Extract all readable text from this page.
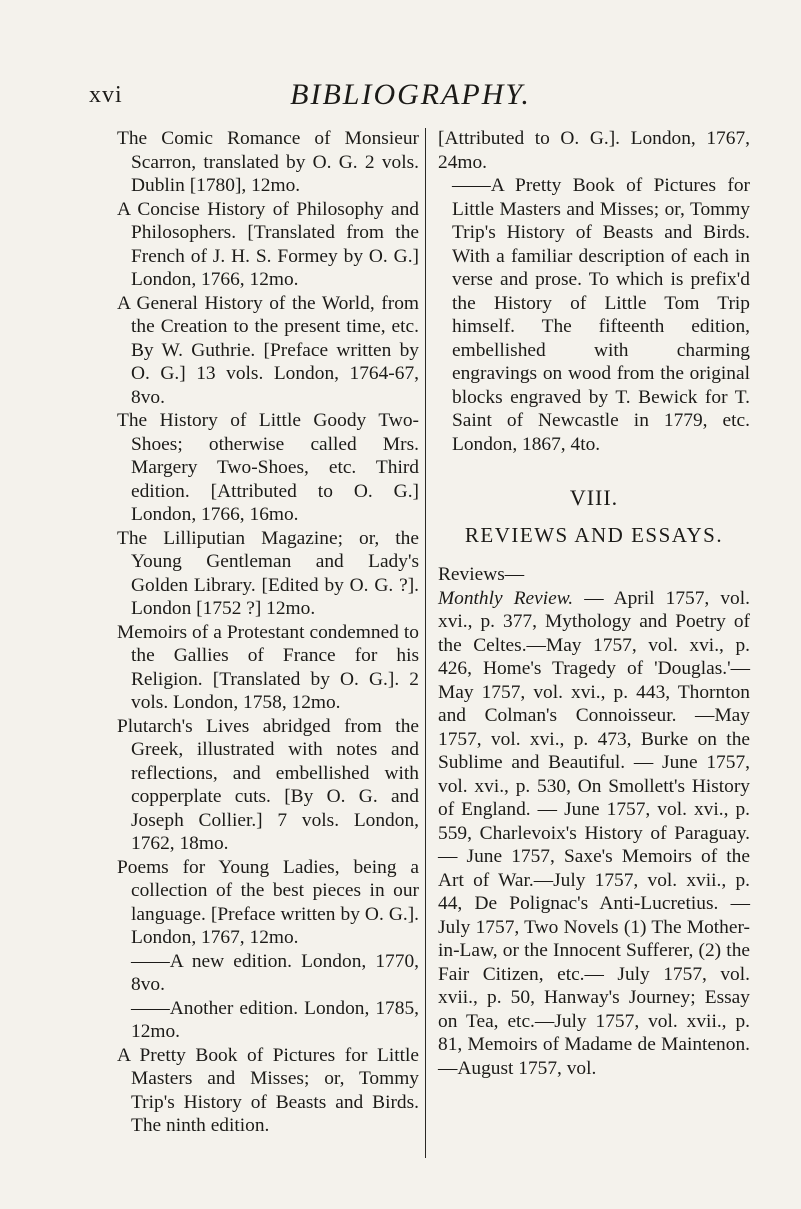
xvi	BIBLIOGRAPHY.

The Comic Romance of Monsieur Scarron, translated by O. G. 2 vols. Dublin [1780], 12mo.

A Concise History of Philosophy and Philosophers. [Translated from the French of J. H. S. Formey by O. G.] London, 1766, 12mo.

A General History of the World, from the Creation to the present time, etc. By W. Guthrie. [Preface written by O. G.] 13 vols. London, 1764-67, 8vo.

The History of Little Goody Two-Shoes; otherwise called Mrs. Margery Two-Shoes, etc. Third edition. [Attributed to O. G.] London, 1766, 16mo.

The Lilliputian Magazine; or, the Young Gentleman and Lady's Golden Library. [Edited by O. G. ?]. London [1752 ?] 12mo.

Memoirs of a Protestant condemned to the Gallies of France for his Religion. [Translated by O. G.]. 2 vols. London, 1758, 12mo.

Plutarch's Lives abridged from the Greek, illustrated with notes and reflections, and embellished with copperplate cuts. [By O. G. and Joseph Collier.] 7 vols. London, 1762, 18mo.

Poems for Young Ladies, being a collection of the best pieces in our language. [Preface written by O. G.]. London, 1767, 12mo.

——A new edition. London, 1770, 8vo.

——Another edition. London, 1785, 12mo.

A Pretty Book of Pictures for Little Masters and Misses; or, Tommy Trip's History of Beasts and Birds. The ninth edition.

[Attributed to O. G.]. London, 1767, 24mo.

——A Pretty Book of Pictures for Little Masters and Misses; or, Tommy Trip's History of Beasts and Birds. With a familiar description of each in verse and prose. To which is prefix'd the History of Little Tom Trip himself. The fifteenth edition, embellished with charming engravings on wood from the original blocks engraved by T. Bewick for T. Saint of Newcastle in 1779, etc. London, 1867, 4to.

VIII.
REVIEWS AND ESSAYS.

Reviews—

Monthly Review. — April 1757, vol. xvi., p. 377, Mythology and Poetry of the Celtes.—May 1757, vol. xvi., p. 426, Home's Tragedy of 'Douglas.'—May 1757, vol. xvi., p. 443, Thornton and Colman's Connoisseur. —May 1757, vol. xvi., p. 473, Burke on the Sublime and Beautiful. — June 1757, vol. xvi., p. 530, On Smollett's History of England. — June 1757, vol. xvi., p. 559, Charlevoix's History of Paraguay.— June 1757, Saxe's Memoirs of the Art of War.—July 1757, vol. xvii., p. 44, De Polignac's Anti-Lucretius. — July 1757, Two Novels (1) The Mother-in-Law, or the Innocent Sufferer, (2) the Fair Citizen, etc.— July 1757, vol. xvii., p. 50, Hanway's Journey; Essay on Tea, etc.—July 1757, vol. xvii., p. 81, Memoirs of Madame de Maintenon.—August 1757, vol.
